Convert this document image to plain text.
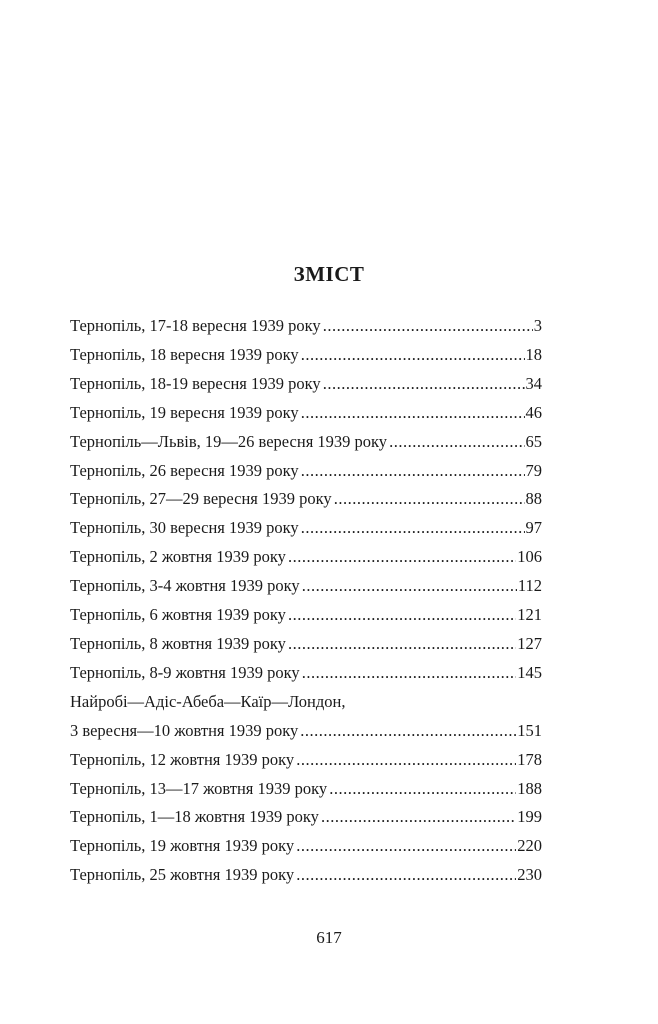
ЗМІСТ
Тернопіль, 17-18 вересня 1939 року .....	3
Тернопіль, 18 вересня 1939 року .....	18
Тернопіль, 18-19 вересня 1939 року .....	34
Тернопіль, 19 вересня 1939 року .....	46
Тернопіль—Львів, 19—26 вересня 1939 року .....	65
Тернопіль, 26 вересня 1939 року .....	79
Тернопіль, 27—29 вересня 1939 року .....	88
Тернопіль, 30 вересня 1939 року .....	97
Тернопіль, 2 жовтня 1939 року .....	106
Тернопіль, 3-4 жовтня 1939 року .....	112
Тернопіль, 6 жовтня 1939 року .....	121
Тернопіль, 8 жовтня 1939 року .....	127
Тернопіль, 8-9 жовтня 1939 року .....	145
Найробі—Адіс-Абеба—Каїр—Лондон,
3 вересня—10 жовтня 1939 року .....	151
Тернопіль, 12 жовтня 1939 року .....	178
Тернопіль, 13—17 жовтня 1939 року .....	188
Тернопіль, 1—18 жовтня 1939 року .....	199
Тернопіль, 19 жовтня 1939 року .....	220
Тернопіль, 25 жовтня 1939 року .....	230

617
